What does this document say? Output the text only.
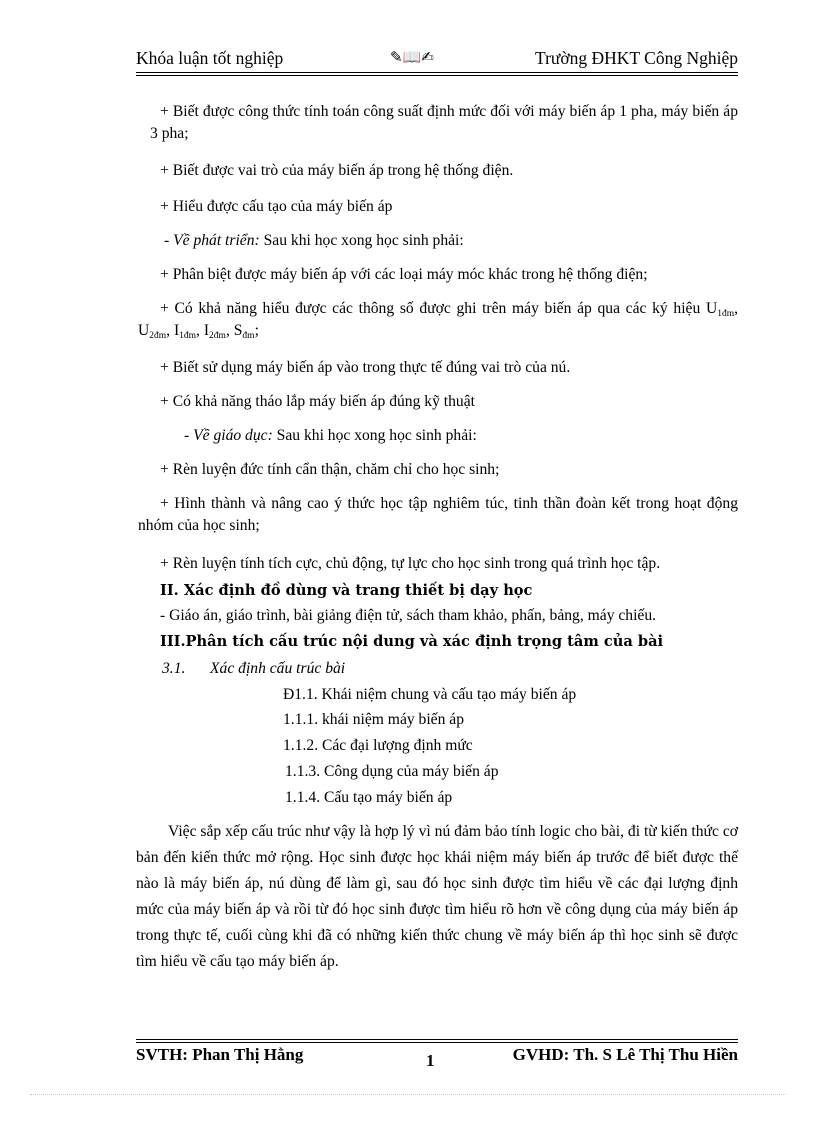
Khóa luận tốt nghiệp	✎📖✍	Trường ĐHKT Công Nghiệp
+ Biết được công thức tính toán công suất định mức đối với máy biến áp 1 pha, máy biến áp 3 pha;
+ Biết được vai trò của máy biến áp trong hệ thống điện.
+ Hiểu được cấu tạo của máy biến áp
- Về phát triển: Sau khi học xong học sinh phải:
+ Phân biệt được máy biến áp với các loại máy móc khác trong hệ thống điện;
+ Có khả năng hiểu được các thông số được ghi trên máy biến áp qua các ký hiệu $U_{1đm}$, $U_{2đm}$, $I_{1đm}$, $I_{2đm}$, $S_{đm}$;
+ Biết sử dụng máy biến áp vào trong thực tế đúng vai trò của nú.
+ Có khả năng tháo lắp máy biến áp đúng kỹ thuật
- Về giáo dục: Sau khi học xong học sinh phải:
+ Rèn luyện đức tính cẩn thận, chăm chỉ cho học sinh;
+ Hình thành và nâng cao ý thức học tập nghiêm túc, tinh thần đoàn kết trong hoạt động nhóm của học sinh;
+ Rèn luyện tính tích cực, chủ động, tự lực cho học sinh trong quá trình học tập.
II. Xác định đồ dùng và trang thiết bị dạy học
- Giáo án, giáo trình, bài giảng điện tử, sách tham khảo, phấn, bảng, máy chiếu.
III.Phân tích cấu trúc nội dung và xác định trọng tâm của bài
3.1. Xác định cấu trúc bài
Đ1.1. Khái niệm chung và cấu tạo máy biến áp
1.1.1. khái niệm máy biến áp
1.1.2. Các đại lượng định mức
1.1.3. Công dụng của máy biến áp
1.1.4. Cấu tạo máy biến áp
Việc sắp xếp cấu trúc như vậy là hợp lý vì nú đảm bảo tính logic cho bài, đi từ kiến thức cơ bản đến kiến thức mở rộng. Học sinh được học khái niệm máy biến áp trước để biết được thế nào là máy biến áp, nú dùng để làm gì, sau đó học sinh được tìm hiểu về các đại lượng định mức của máy biến áp và rồi từ đó học sinh được tìm hiểu rõ hơn về công dụng của máy biến áp trong thực tế, cuối cùng khi đã có những kiến thức chung về máy biến áp thì học sinh sẽ được tìm hiểu về cấu tạo máy biến áp.
SVTH: Phan Thị Hằng	1	GVHD: Th. S Lê Thị Thu Hiền
